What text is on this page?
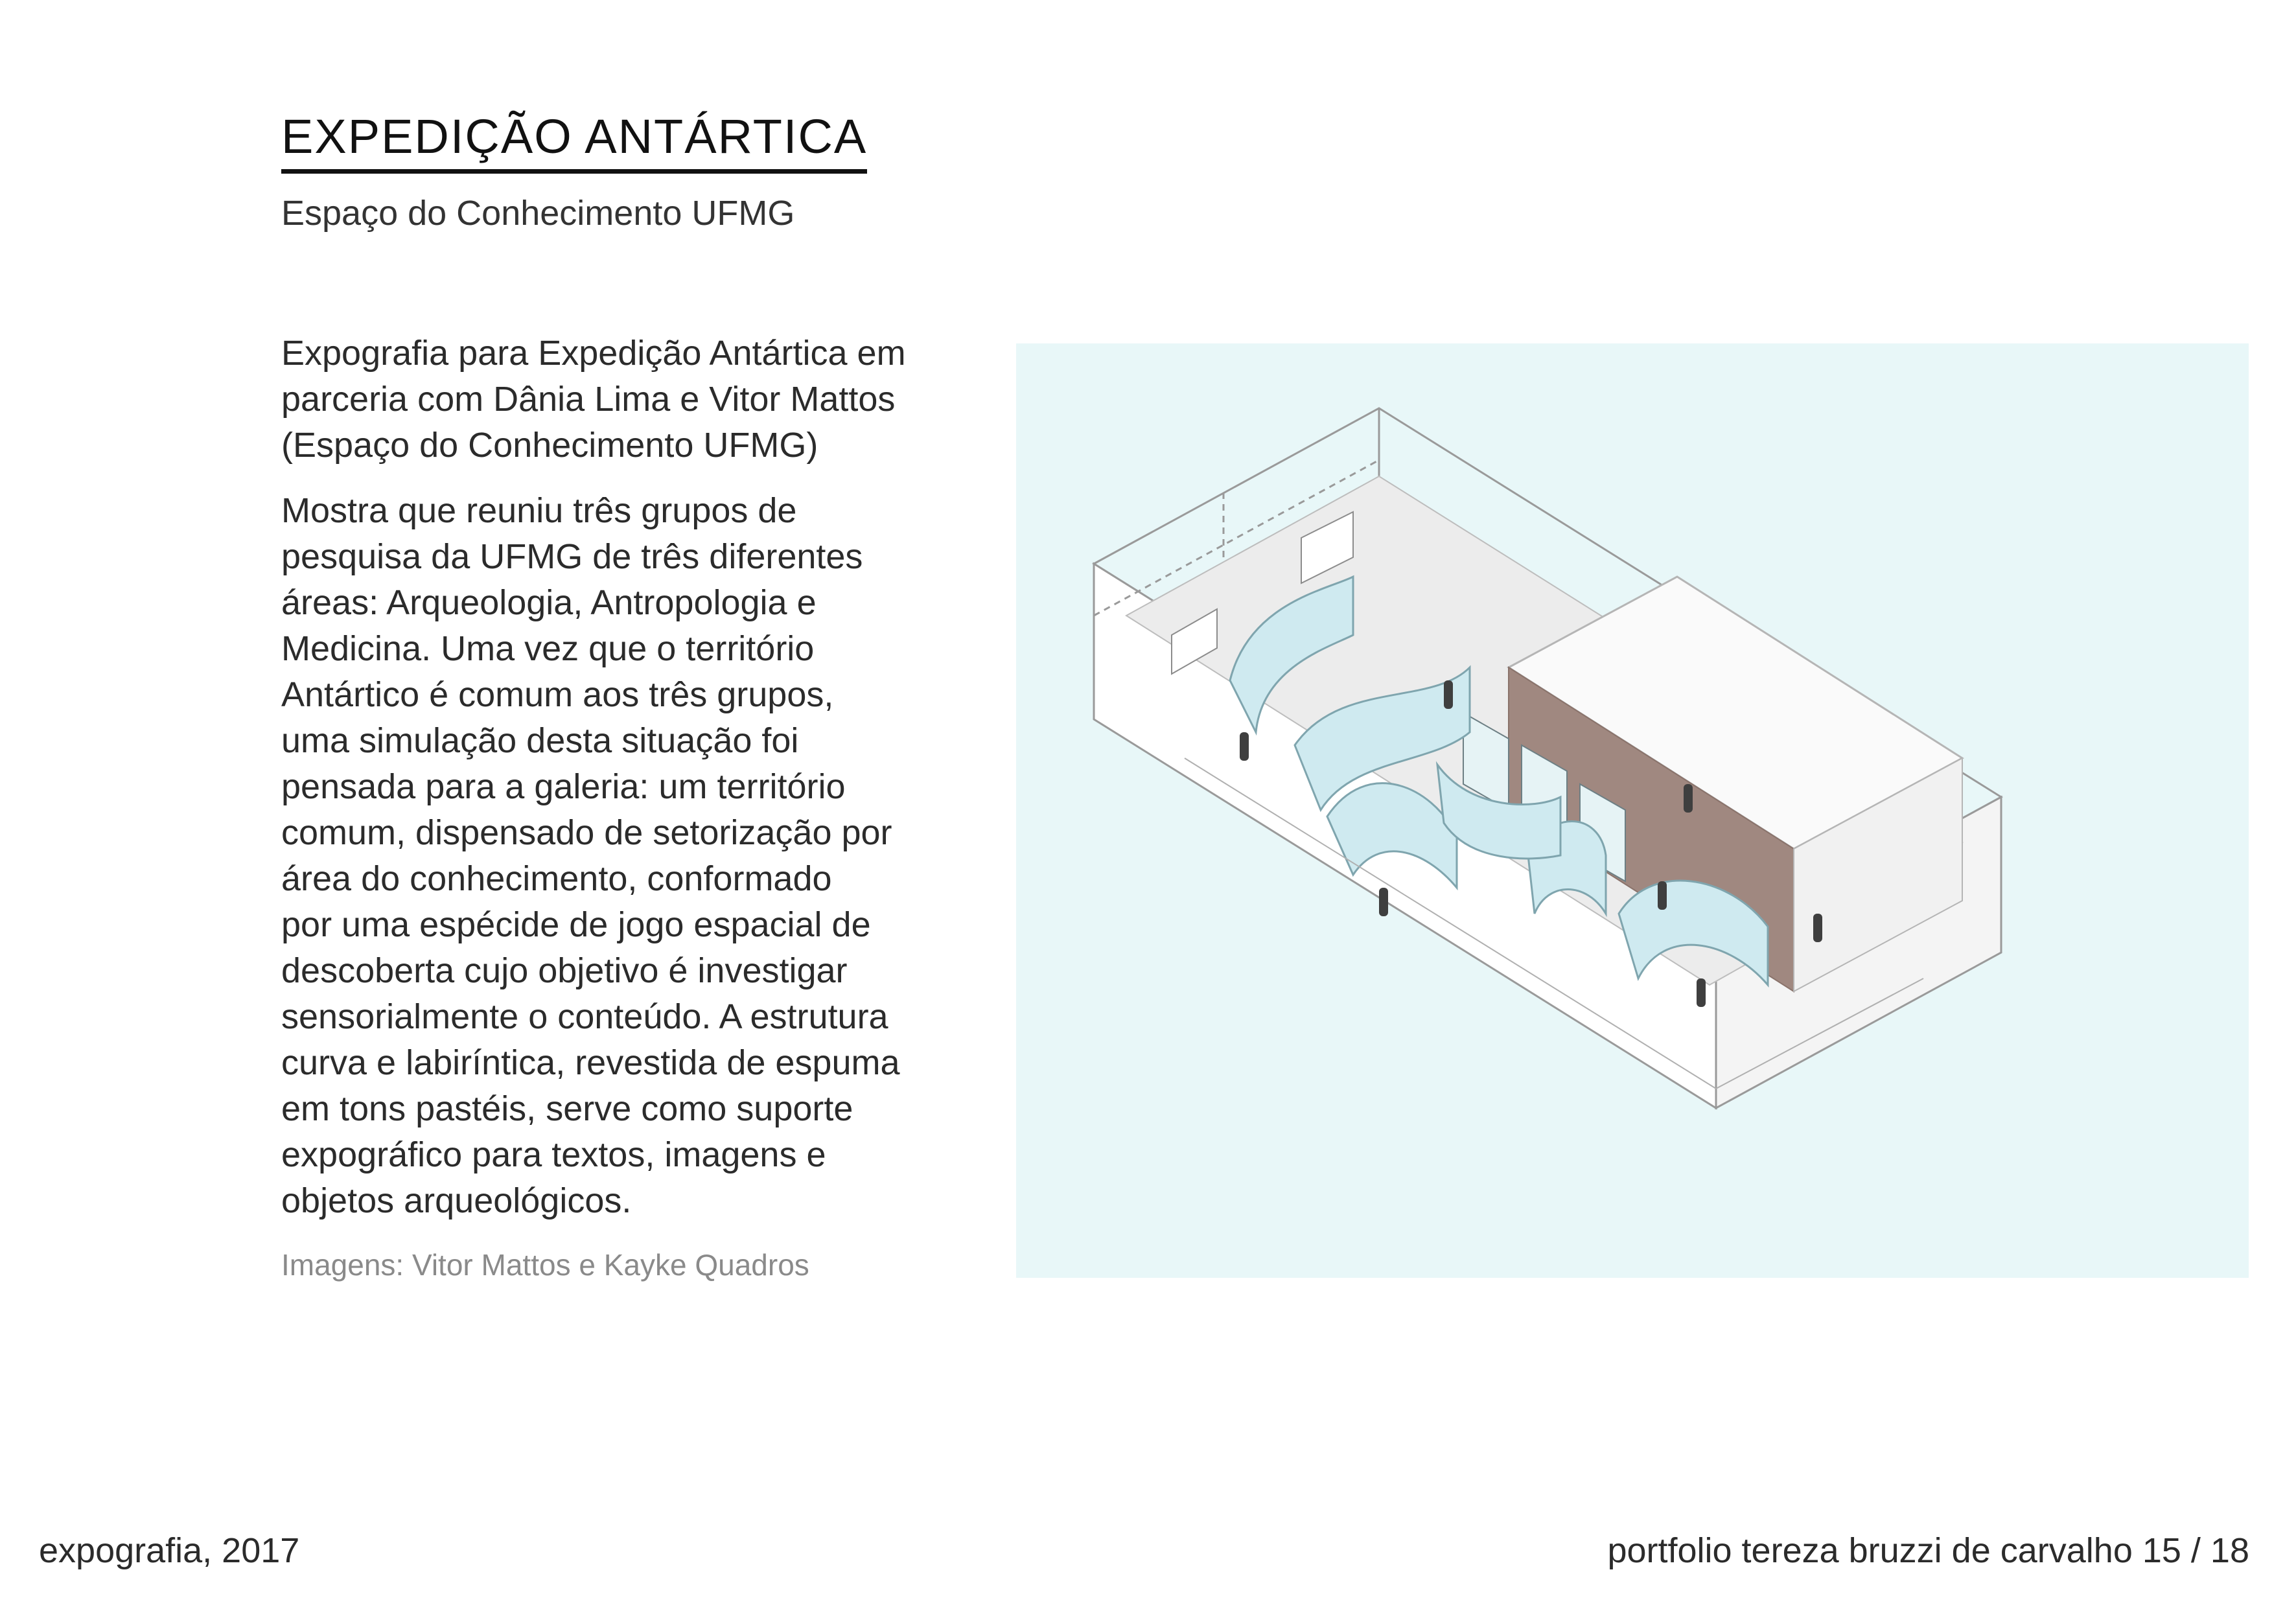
EXPEDIÇÃO ANTÁRTICA
Espaço do Conhecimento UFMG

Expografia para Expedição Antártica em
parceria com Dânia Lima e Vitor Mattos
(Espaço do Conhecimento UFMG)

Mostra que reuniu três grupos de
pesquisa da UFMG de três diferentes
áreas: Arqueologia, Antropologia e
Medicina. Uma vez que o território
Antártico é comum aos três grupos,
uma simulação desta situação foi
pensada para a galeria: um território
comum, dispensado de setorização por
área do conhecimento, conformado
por uma espécide de jogo espacial de
descoberta cujo objetivo é investigar
sensorialmente o conteúdo. A estrutura
curva e labiríntica, revestida de espuma
em tons pastéis, serve como suporte
expográfico para textos, imagens e
objetos arqueológicos.

Imagens: Vitor Mattos e Kayke Quadros
expografia, 2017	portfolio tereza bruzzi de carvalho 15 / 18
